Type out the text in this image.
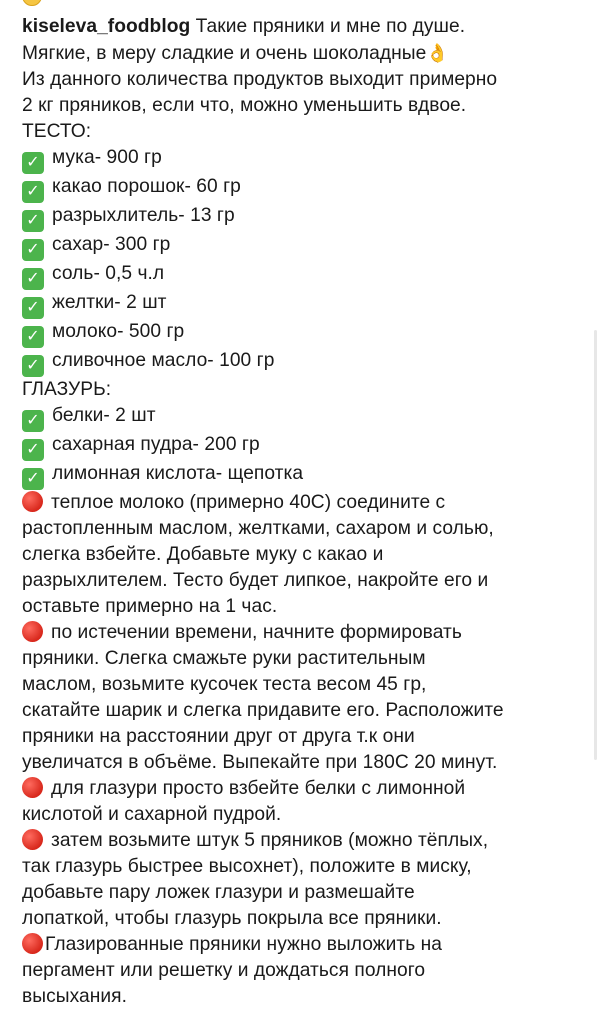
kiseleva_foodblog Такие пряники и мне по душе.
Мягкие, в меру сладкие и очень шоколадные👌
Из данного количества продуктов выходит примерно
2 кг пряников, если что, можно уменьшить вдвое.
ТЕСТО:
✓ мука- 900 гр
✓ какао порошок- 60 гр
✓ разрыхлитель- 13 гр
✓ сахар- 300 гр
✓ соль- 0,5 ч.л
✓ желтки- 2 шт
✓ молоко- 500 гр
✓ сливочное масло- 100 гр
ГЛАЗУРЬ:
✓ белки- 2 шт
✓ сахарная пудра- 200 гр
✓ лимонная кислота- щепотка
теплое молоко (примерно 40С) соедините с
растопленным маслом, желтками, сахаром и солью,
слегка взбейте. Добавьте муку с какао и
разрыхлителем. Тесто будет липкое, накройте его и
оставьте примерно на 1 час.
по истечении времени, начните формировать
пряники. Слегка смажьте руки растительным
маслом, возьмите кусочек теста весом 45 гр,
скатайте шарик и слегка придавите его. Расположите
пряники на расстоянии друг от друга т.к они
увеличатся в объёме. Выпекайте при 180С 20 минут.
для глазури просто взбейте белки с лимонной
кислотой и сахарной пудрой.
затем возьмите штук 5 пряников (можно тёплых,
так глазурь быстрее высохнет), положите в миску,
добавьте пару ложек глазури и размешайте
лопаткой, чтобы глазурь покрыла все пряники.
Глазированные пряники нужно выложить на
пергамент или решетку и дождаться полного
высыхания.
